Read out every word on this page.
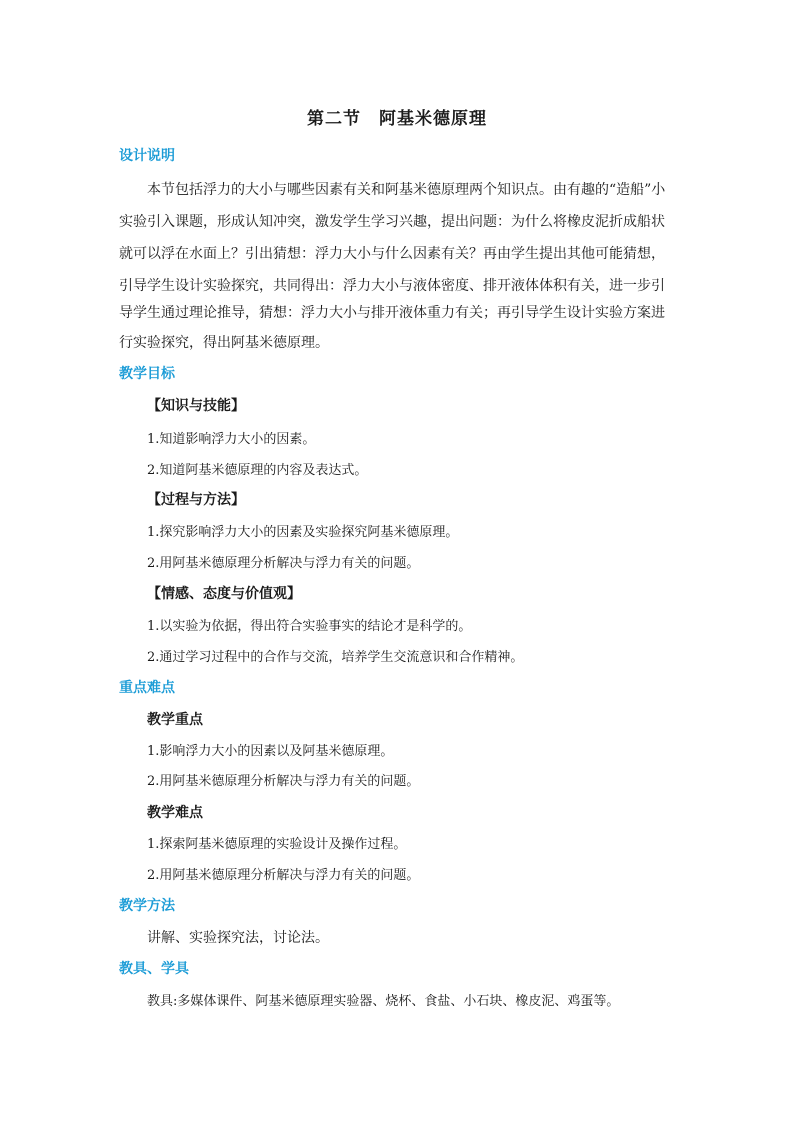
第二节　阿基米德原理
设计说明
　　本节包括浮力的大小与哪些因素有关和阿基米德原理两个知识点。由有趣的“造船”小
实验引入课题，形成认知冲突，激发学生学习兴趣，提出问题：为什么将橡皮泥折成船状
就可以浮在水面上？引出猜想：浮力大小与什么因素有关？再由学生提出其他可能猜想，
引导学生设计实验探究，共同得出：浮力大小与液体密度、排开液体体积有关，进一步引
导学生通过理论推导，猜想：浮力大小与排开液体重力有关；再引导学生设计实验方案进
行实验探究，得出阿基米德原理。
教学目标
【知识与技能】
1.知道影响浮力大小的因素。
2.知道阿基米德原理的内容及表达式。
【过程与方法】
1.探究影响浮力大小的因素及实验探究阿基米德原理。
2.用阿基米德原理分析解决与浮力有关的问题。
【情感、态度与价值观】
1.以实验为依据，得出符合实验事实的结论才是科学的。
2.通过学习过程中的合作与交流，培养学生交流意识和合作精神。
重点难点
教学重点
1.影响浮力大小的因素以及阿基米德原理。
2.用阿基米德原理分析解决与浮力有关的问题。
教学难点
1.探索阿基米德原理的实验设计及操作过程。
2.用阿基米德原理分析解决与浮力有关的问题。
教学方法
讲解、实验探究法，讨论法。
教具、学具
教具:多媒体课件、阿基米德原理实验器、烧杯、食盐、小石块、橡皮泥、鸡蛋等。
